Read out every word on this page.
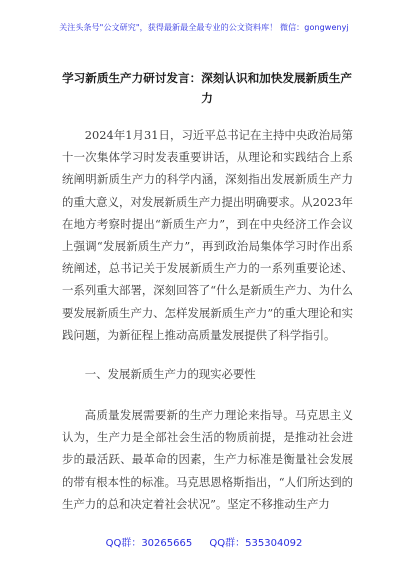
关注头条号"公文研究"，获得最新最全最专业的公文资料库！ 微信：gongwenyj
学习新质生产力研讨发言：深刻认识和加快发展新质生产力

2024年1月31日，习近平总书记在主持中央政治局第十一次集体学习时发表重要讲话，从理论和实践结合上系统阐明新质生产力的科学内涵，深刻指出发展新质生产力的重大意义，对发展新质生产力提出明确要求。从2023年在地方考察时提出“新质生产力”，到在中央经济工作会议上强调“发展新质生产力”，再到政治局集体学习时作出系统阐述，总书记关于发展新质生产力的一系列重要论述、一系列重大部署，深刻回答了“什么是新质生产力、为什么要发展新质生产力、怎样发展新质生产力”的重大理论和实践问题，为新征程上推动高质量发展提供了科学指引。

一、发展新质生产力的现实必要性

高质量发展需要新的生产力理论来指导。马克思主义认为，生产力是全部社会生活的物质前提，是推动社会进步的最活跃、最革命的因素，生产力标准是衡量社会发展的带有根本性的标准。马克思恩格斯指出，“人们所达到的生产力的总和决定着社会状况”。坚定不移推动生产力

QQ群：30265665 QQ群：535304092
